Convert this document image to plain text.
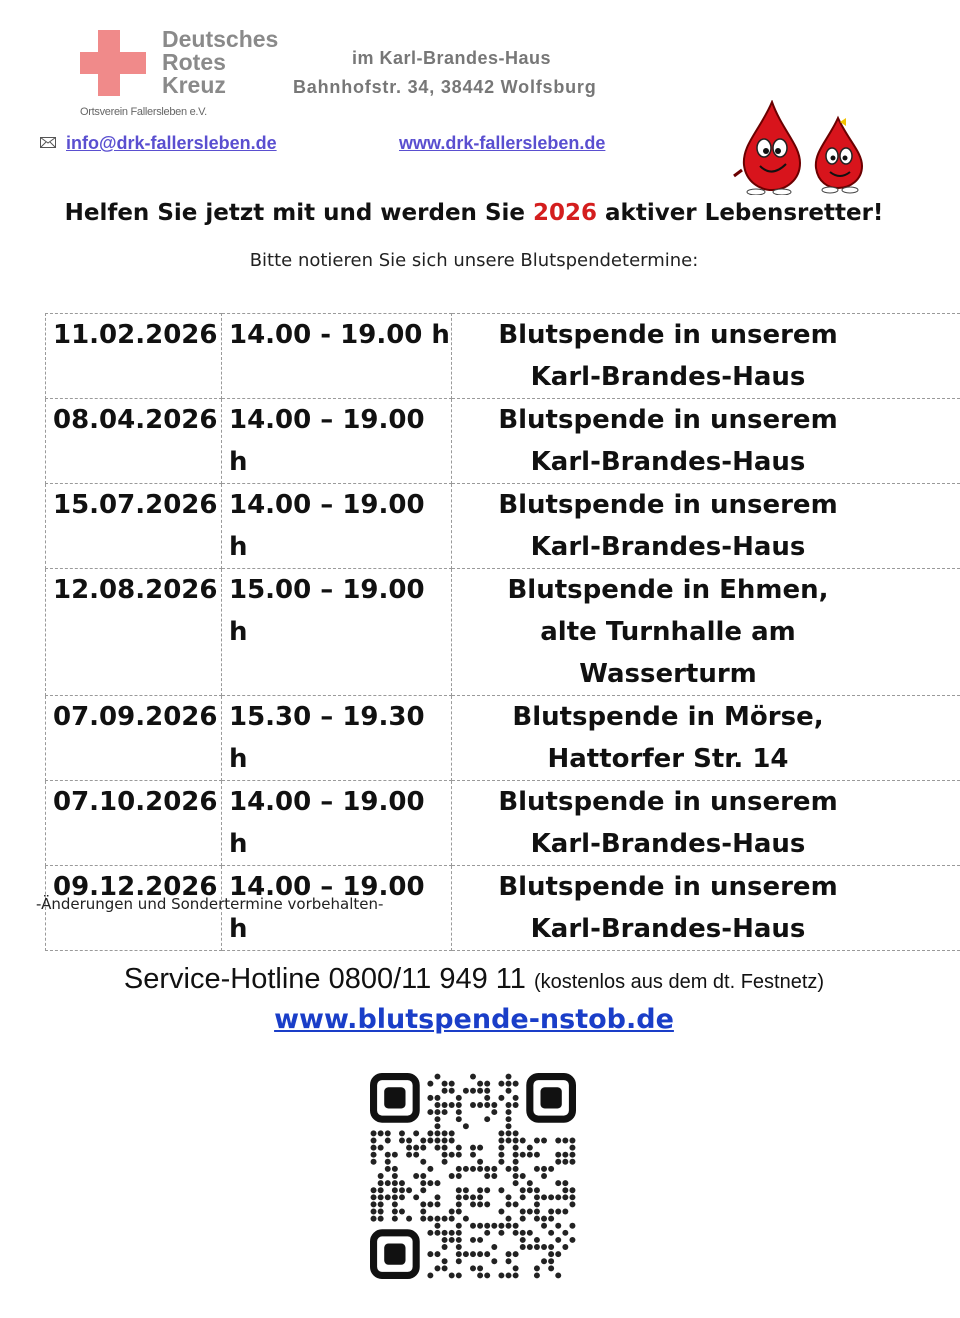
Deutsches
Rotes
Kreuz
Ortsverein Fallersleben e.V.
im Karl-Brandes-Haus
Bahnhofstr. 34, 38442 Wolfsburg
info@drk-fallersleben.de	www.drk-fallersleben.de
Helfen Sie jetzt mit und werden Sie 2026 aktiver Lebensretter!
Bitte notieren Sie sich unsere Blutspendetermine:
11.02.2026	14.00 - 19.00 h	Blutspende in unserem
Karl-Brandes-Haus

08.04.2026	14.00 – 19.00 h	Blutspende in unserem
Karl-Brandes-Haus

15.07.2026	14.00 – 19.00 h	Blutspende in unserem
Karl-Brandes-Haus

12.08.2026	15.00 – 19.00 h	Blutspende in Ehmen,
alte Turnhalle am Wasserturm

07.09.2026	15.30 – 19.30 h	Blutspende in Mörse,
Hattorfer Str. 14

07.10.2026	14.00 – 19.00 h	Blutspende in unserem
Karl-Brandes-Haus

09.12.2026	14.00 – 19.00 h	Blutspende in unserem
Karl-Brandes-Haus
-Änderungen und Sondertermine vorbehalten-
Service-Hotline 0800/11 949 11 (kostenlos aus dem dt. Festnetz)
www.blutspende-nstob.de
